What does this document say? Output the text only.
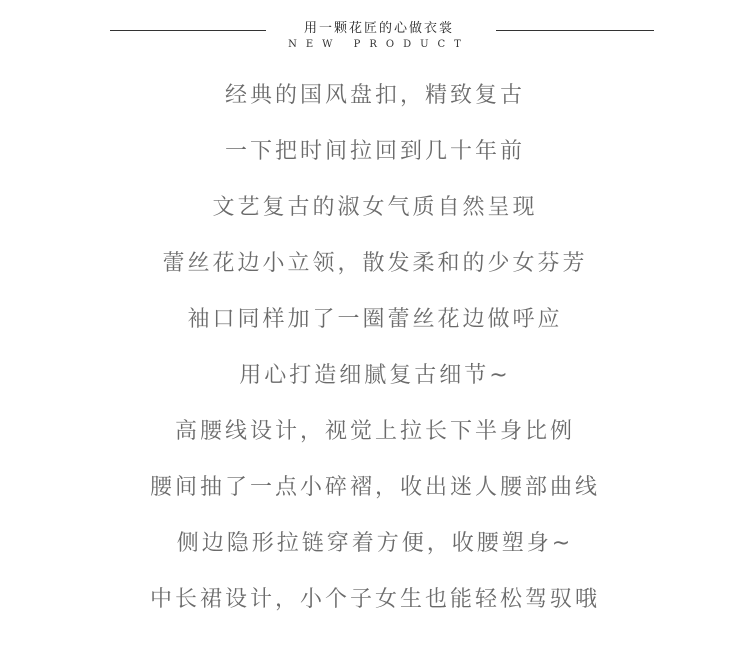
用一颗花匠的心做衣裳
NEW PRODUCT
经典的国风盘扣，精致复古
一下把时间拉回到几十年前
文艺复古的淑女气质自然呈现
蕾丝花边小立领，散发柔和的少女芬芳
袖口同样加了一圈蕾丝花边做呼应
用心打造细腻复古细节~
高腰线设计，视觉上拉长下半身比例
腰间抽了一点小碎褶，收出迷人腰部曲线
侧边隐形拉链穿着方便，收腰塑身~
中长裙设计，小个子女生也能轻松驾驭哦
